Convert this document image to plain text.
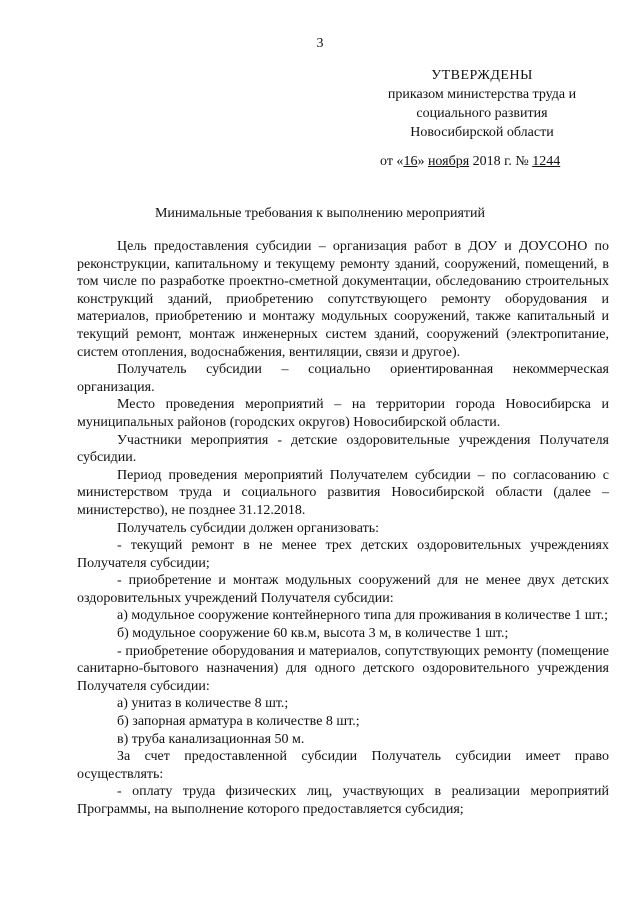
3
УТВЕРЖДЕНЫ
приказом министерства труда и
социального развития
Новосибирской области
от «16» ноября 2018 г. № 1244
Минимальные требования к выполнению мероприятий

Цель предоставления субсидии – организация работ в ДОУ и ДОУСОНО по реконструкции, капитальному и текущему ремонту зданий, сооружений, помещений, в том числе по разработке проектно-сметной документации, обследованию строительных конструкций зданий, приобретению сопутствующего ремонту оборудования и материалов, приобретению и монтажу модульных сооружений, также капитальный и текущий ремонт, монтаж инженерных систем зданий, сооружений (электропитание, систем отопления, водоснабжения, вентиляции, связи и другое).

Получатель субсидии – социально ориентированная некоммерческая организация.

Место проведения мероприятий – на территории города Новосибирска и муниципальных районов (городских округов) Новосибирской области.

Участники мероприятия - детские оздоровительные учреждения Получателя субсидии.

Период проведения мероприятий Получателем субсидии – по согласованию с министерством труда и социального развития Новосибирской области (далее – министерство), не позднее 31.12.2018.

Получатель субсидии должен организовать:

- текущий ремонт в не менее трех детских оздоровительных учреждениях Получателя субсидии;

- приобретение и монтаж модульных сооружений для не менее двух детских оздоровительных учреждений Получателя субсидии:

а) модульное сооружение контейнерного типа для проживания в количестве 1 шт.;

б) модульное сооружение 60 кв.м, высота 3 м, в количестве 1 шт.;

- приобретение оборудования и материалов, сопутствующих ремонту (помещение санитарно-бытового назначения) для одного детского оздоровительного учреждения Получателя субсидии:

а) унитаз в количестве 8 шт.;

б) запорная арматура в количестве 8 шт.;

в) труба канализационная 50 м.

За счет предоставленной субсидии Получатель субсидии имеет право осуществлять:

- оплату труда физических лиц, участвующих в реализации мероприятий Программы, на выполнение которого предоставляется субсидия;
